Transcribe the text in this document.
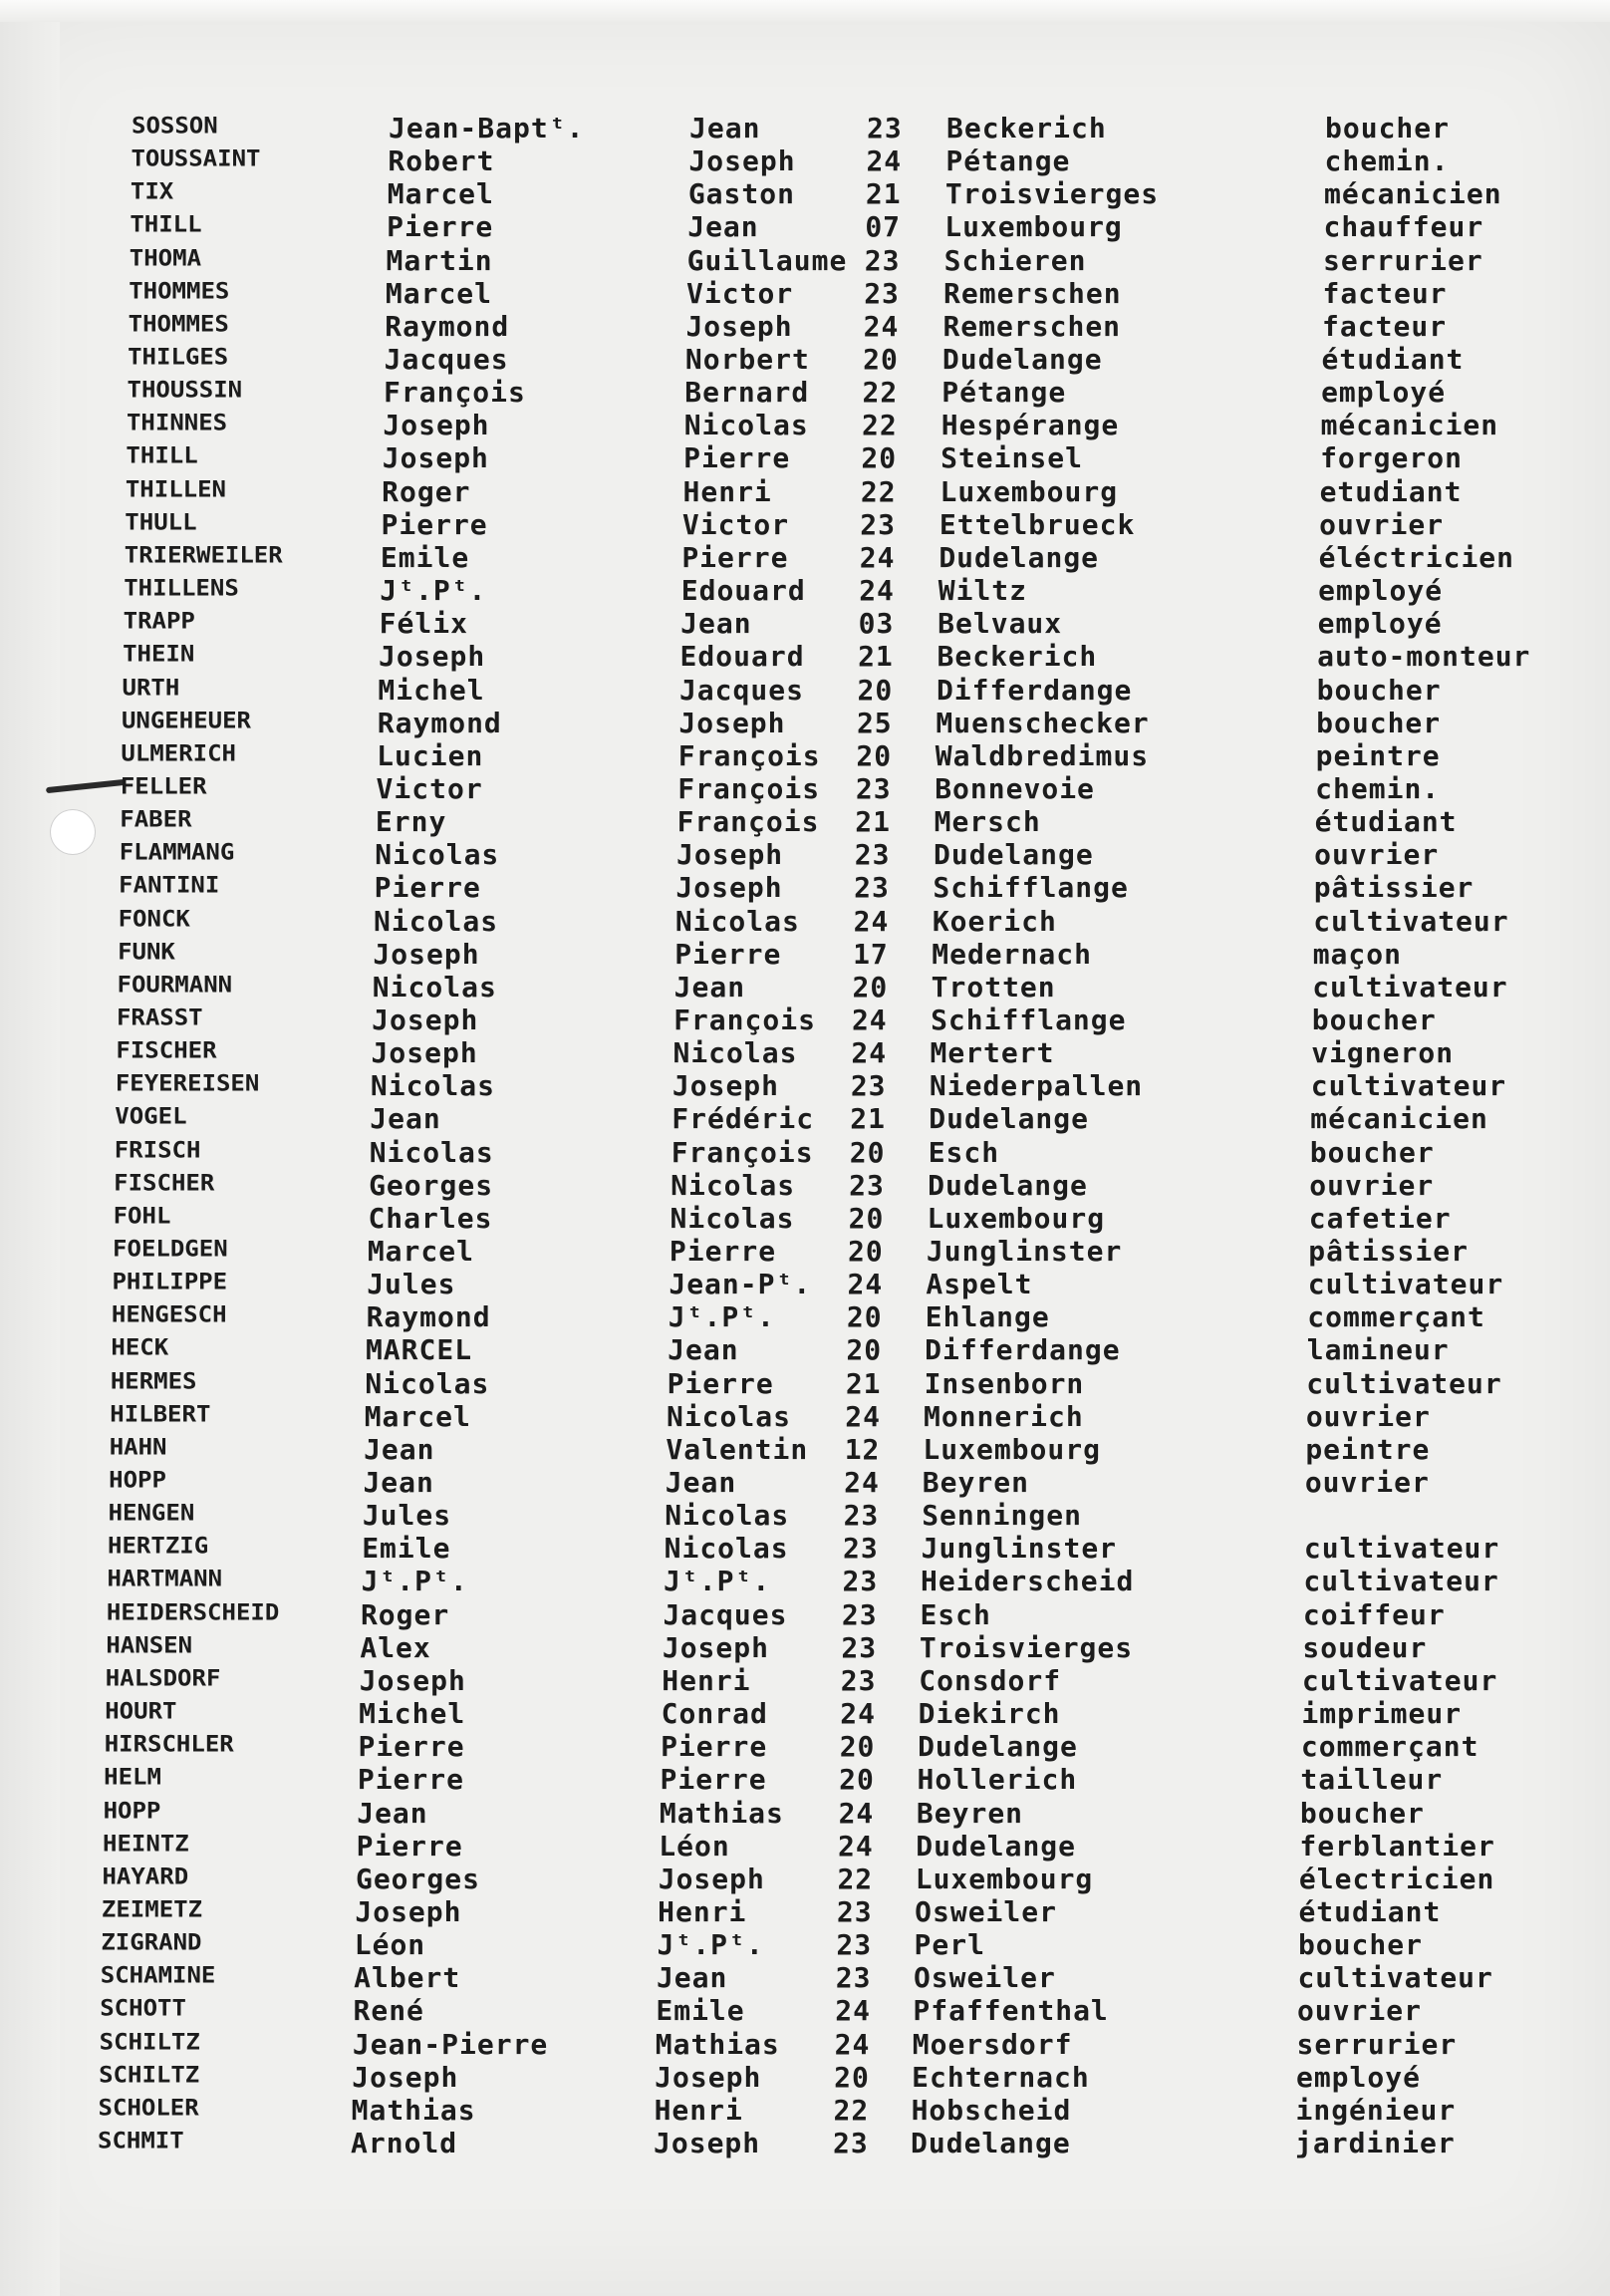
SOSSON	Jean-Baptᵗ.	Jean	23 Beckerich	boucher
TOUSSAINT	Robert	Joseph	24 Pétange	chemin.
TIX	Marcel	Gaston	21 Troisvierges	mécanicien
THILL	Pierre	Jean	07 Luxembourg	chauffeur
THOMA	Martin	Guillaume 23 Schieren	serrurier
THOMMES	Marcel	Victor	23 Remerschen	facteur
THOMMES	Raymond	Joseph	24 Remerschen	facteur
THILGES	Jacques	Norbert 20 Dudelange	étudiant
THOUSSIN	François	Bernard 22 Pétange	employé
THINNES	Joseph	Nicolas 22 Hespérange	mécanicien
THILL	Joseph	Pierre	20 Steinsel	forgeron
THILLEN	Roger	Henri	22 Luxembourg	etudiant
THULL	Pierre	Victor	23 Ettelbrueck	ouvrier
TRIERWEILER	Emile	Pierre	24 Dudelange	éléctricien
THILLENS	Jᵗ.Pᵗ.	Edouard 24 Wiltz	employé
TRAPP	Félix	Jean	03 Belvaux	employé
THEIN	Joseph	Edouard 21 Beckerich	auto-monteur
URTH	Michel	Jacques 20 Differdange	boucher
UNGEHEUER	Raymond	Joseph	25 Muenschecker	boucher
ULMERICH	Lucien	François 20 Waldbredimus	peintre
FELLER	Victor	François 23 Bonnevoie	chemin.
FABER	Erny	François 21 Mersch	étudiant
FLAMMANG	Nicolas	Joseph	23 Dudelange	ouvrier
FANTINI	Pierre	Joseph	23 Schifflange	pâtissier
FONCK	Nicolas	Nicolas 24 Koerich	cultivateur
FUNK	Joseph	Pierre	17 Medernach	maçon
FOURMANN	Nicolas	Jean	20 Trotten	cultivateur
FRASST	Joseph	François 24 Schifflange	boucher
FISCHER	Joseph	Nicolas 24 Mertert	vigneron
FEYEREISEN	Nicolas	Joseph	23 Niederpallen	cultivateur
VOGEL	Jean	Frédéric 21 Dudelange	mécanicien
FRISCH	Nicolas	François 20 Esch	boucher
FISCHER	Georges	Nicolas 23 Dudelange	ouvrier
FOHL	Charles	Nicolas 20 Luxembourg	cafetier
FOELDGEN	Marcel	Pierre	20 Junglinster	pâtissier
PHILIPPE	Jules	Jean-Pᵗ. 24 Aspelt	cultivateur
HENGESCH	Raymond	Jᵗ.Pᵗ.	20 Ehlange	commerçant
HECK	MARCEL	Jean	20 Differdange	lamineur
HERMES	Nicolas	Pierre	21 Insenborn	cultivateur
HILBERT	Marcel	Nicolas 24 Monnerich	ouvrier
HAHN	Jean	Valentin 12 Luxembourg	peintre
HOPP	Jean	Jean	24 Beyren	ouvrier
HENGEN	Jules	Nicolas 23 Senningen
HERTZIG	Emile	Nicolas 23 Junglinster	cultivateur
HARTMANN	Jᵗ.Pᵗ.	Jᵗ.Pᵗ.	23 Heiderscheid	cultivateur
HEIDERSCHEID	Roger	Jacques 23 Esch	coiffeur
HANSEN	Alex	Joseph	23 Troisvierges	soudeur
HALSDORF	Joseph	Henri	23 Consdorf	cultivateur
HOURT	Michel	Conrad	24 Diekirch	imprimeur
HIRSCHLER	Pierre	Pierre	20 Dudelange	commerçant
HELM	Pierre	Pierre	20 Hollerich	tailleur
HOPP	Jean	Mathias 24 Beyren	boucher
HEINTZ	Pierre	Léon	24 Dudelange	ferblantier
HAYARD	Georges	Joseph	22 Luxembourg	électricien
ZEIMETZ	Joseph	Henri	23 Osweiler	étudiant
ZIGRAND	Léon	Jᵗ.Pᵗ.	23 Perl	boucher
SCHAMINE	Albert	Jean	23 Osweiler	cultivateur
SCHOTT	René	Emile	24 Pfaffenthal	ouvrier
SCHILTZ	Jean-Pierre	Mathias 24 Moersdorf	serrurier
SCHILTZ	Joseph	Joseph	20 Echternach	employé
SCHOLER	Mathias	Henri	22 Hobscheid	ingénieur
SCHMIT	Arnold	Joseph	23 Dudelange	jardinier
